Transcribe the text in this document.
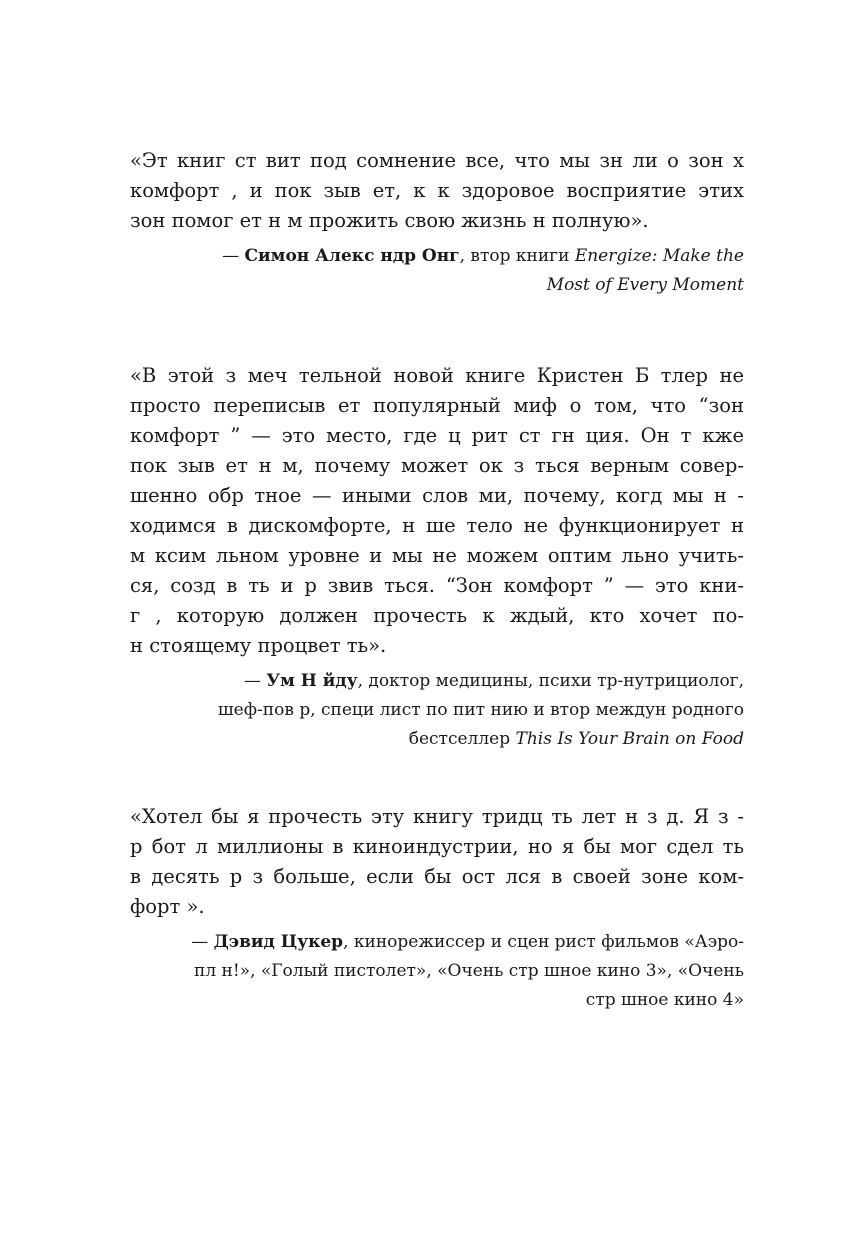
«Эт книг ст вит под сомнение все, что мы зн ли о зон х
комфорт , и пок зыв ет, к к здоровое восприятие этих
зон помог ет н м прожить свою жизнь н полную».

— Симон Алекс ндр Онг, втор книги Energize: Make the
Most of Every Moment

«В этой з меч тельной новой книге Кристен Б тлер не
просто переписыв ет популярный миф о том, что “зон
комфорт ” — это место, где ц рит ст гн ция. Он т кже
пок зыв ет н м, почему может ок з ться верным совер-
шенно обр тное — иными слов ми, почему, когд мы н -
ходимся в дискомфорте, н ше тело не функционирует н
м ксим льном уровне и мы не можем оптим льно учить-
ся, созд в ть и р звив ться. “Зон комфорт ” — это кни-
г , которую должен прочесть к ждый, кто хочет по-
н стоящему процвет ть».

— Ум Н йду, доктор медицины, психи тр-нутрициолог,
шеф-пов р, специ лист по пит нию и втор междун родного
бестселлер This Is Your Brain on Food

«Хотел бы я прочесть эту книгу тридц ть лет н з д. Я з -
р бот л миллионы в киноиндустрии, но я бы мог сдел ть
в десять р з больше, если бы ост лся в своей зоне ком-
форт ».

— Дэвид Цукер, кинорежиссер и сцен рист фильмов «Аэро-
пл н!», «Голый пистолет», «Очень стр шное кино 3», «Очень
стр шное кино 4»
